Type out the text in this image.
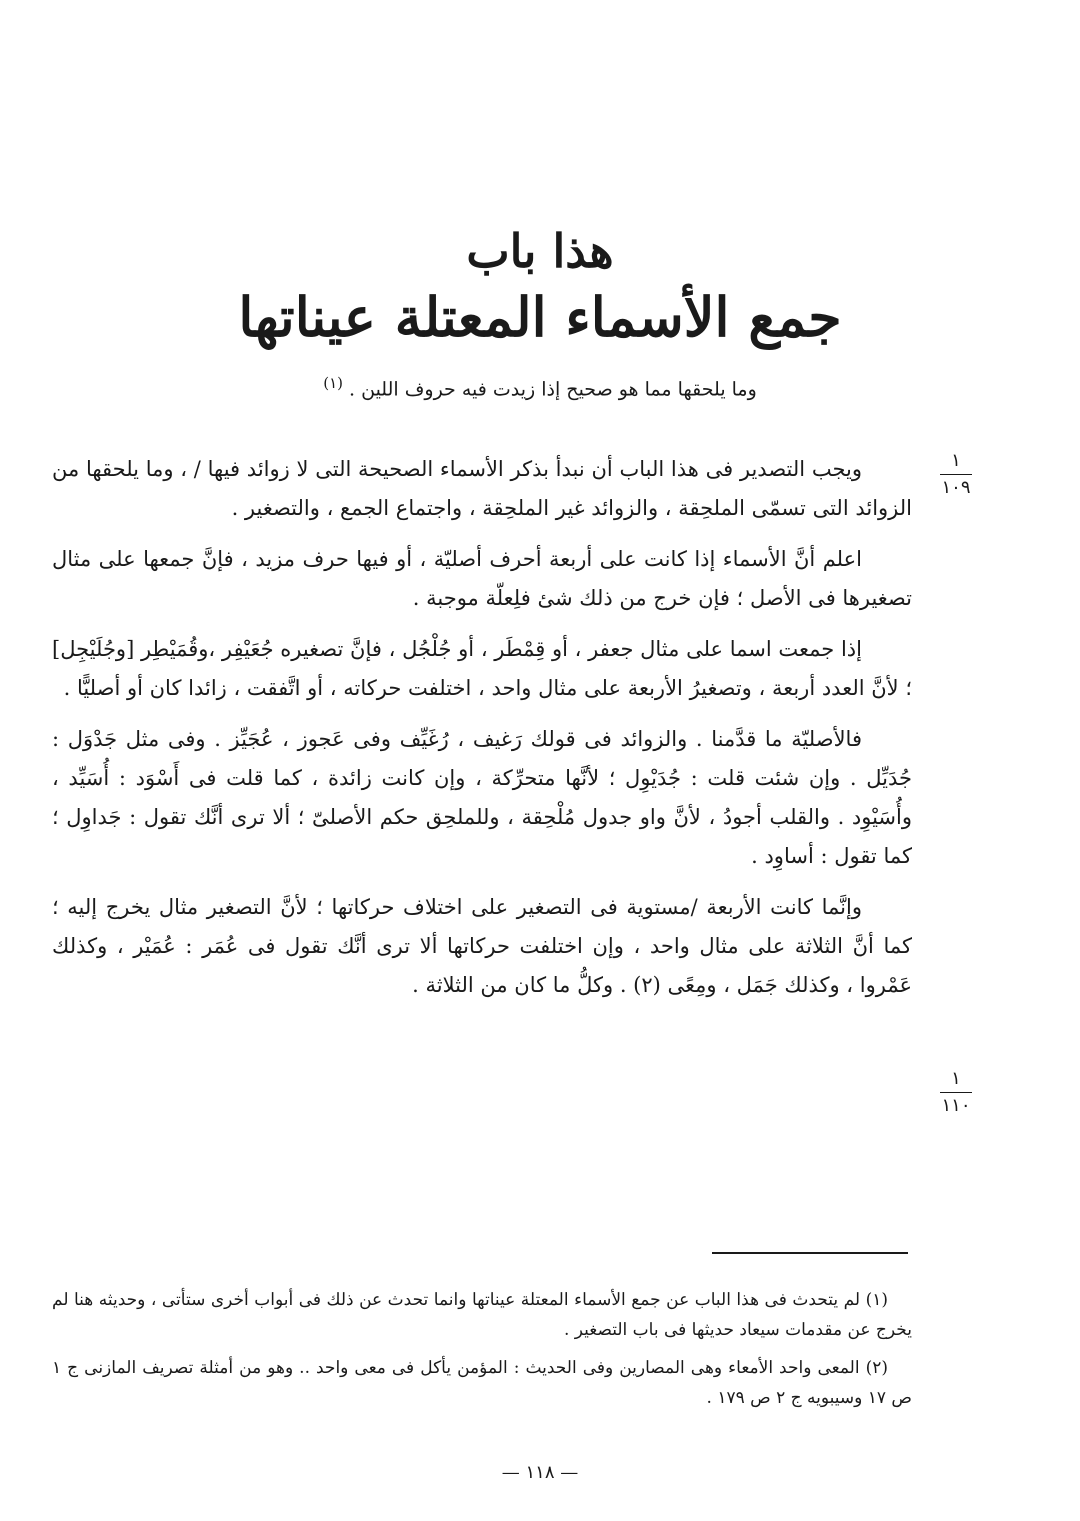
هذا باب
جمع الأسماء المعتلة عيناتها
وما يلحقها مما هو صحيح إذا زيدت فيه حروف اللين . $^{(١)}$
١
١٠٩
١
١١٠

ويجب التصدير فى هذا الباب أن نبدأ بذكر الأسماء الصحيحة التى لا زوائد فيها / ، وما يلحقها من الزوائد التى تسمّى الملحِقة ، والزوائد غير الملحِقة ، واجتماع الجمع ، والتصغير .

اعلم أنَّ الأسماء إذا كانت على أربعة أحرف أصليّة ، أو فيها حرف مزيد ، فإنَّ جمعها على مثال تصغيرها فى الأصل ؛ فإن خرج من ذلك شئ فلِعلّة موجبة .

إذا جمعت اسما على مثال جعفر ، أو قِمْطَر ، أو جُلْجُل ، فإنَّ تصغيره جُعَيْفِر ،وقُمَيْطِر [وجُلَيْجِل] ؛ لأنَّ العدد أربعة ، وتصغيرُ الأربعة على مثال واحد ، اختلفت حركاته ، أو اتَّفقت ، زائدا كان أو أصليًّا .

فالأصليّة ما قدَّمنا . والزوائد فى قولك رَغيف ، رُغَيِّف وفى عَجوز ، عُجَيِّز . وفى مثل جَدْوَل : جُدَيِّل . وإن شئت قلت : جُدَيْوِل ؛ لأنَّها متحرِّكة ، وإن كانت زائدة ، كما قلت فى أَسْوَد : أُسَيِّد ، وأُسَيْوِد . والقلب أجودُ ، لأنَّ واو جدول مُلْحِقة ، وللملحِق حكم الأصلىّ ؛ ألا ترى أنَّك تقول : جَداوِل ؛ كما تقول : أساوِد .

وإنَّما كانت الأربعة /مستوية فى التصغير على اختلاف حركاتها ؛ لأنَّ التصغير مثال يخرج إليه ؛ كما أنَّ الثلاثة على مثال واحد ، وإن اختلفت حركاتها ألا ترى أنَّك تقول فى عُمَر : عُمَيْر ، وكذلك عَمْروا ، وكذلك جَمَل ، ومِعًى (٢) . وكلُّ ما كان من الثلاثة .

(١) لم يتحدث فى هذا الباب عن جمع الأسماء المعتلة عيناتها وانما تحدث عن ذلك فى أبواب أخرى ستأتى ، وحديثه هنا لم يخرج عن مقدمات سيعاد حديثها فى باب التصغير .

(٢) المعى واحد الأمعاء وهى المصارين وفى الحديث : المؤمن يأكل فى معى واحد .. وهو من أمثلة تصريف المازنى ج ١ ص ١٧ وسيبويه ج ٢ ص ١٧٩ .

— ١١٨ —
